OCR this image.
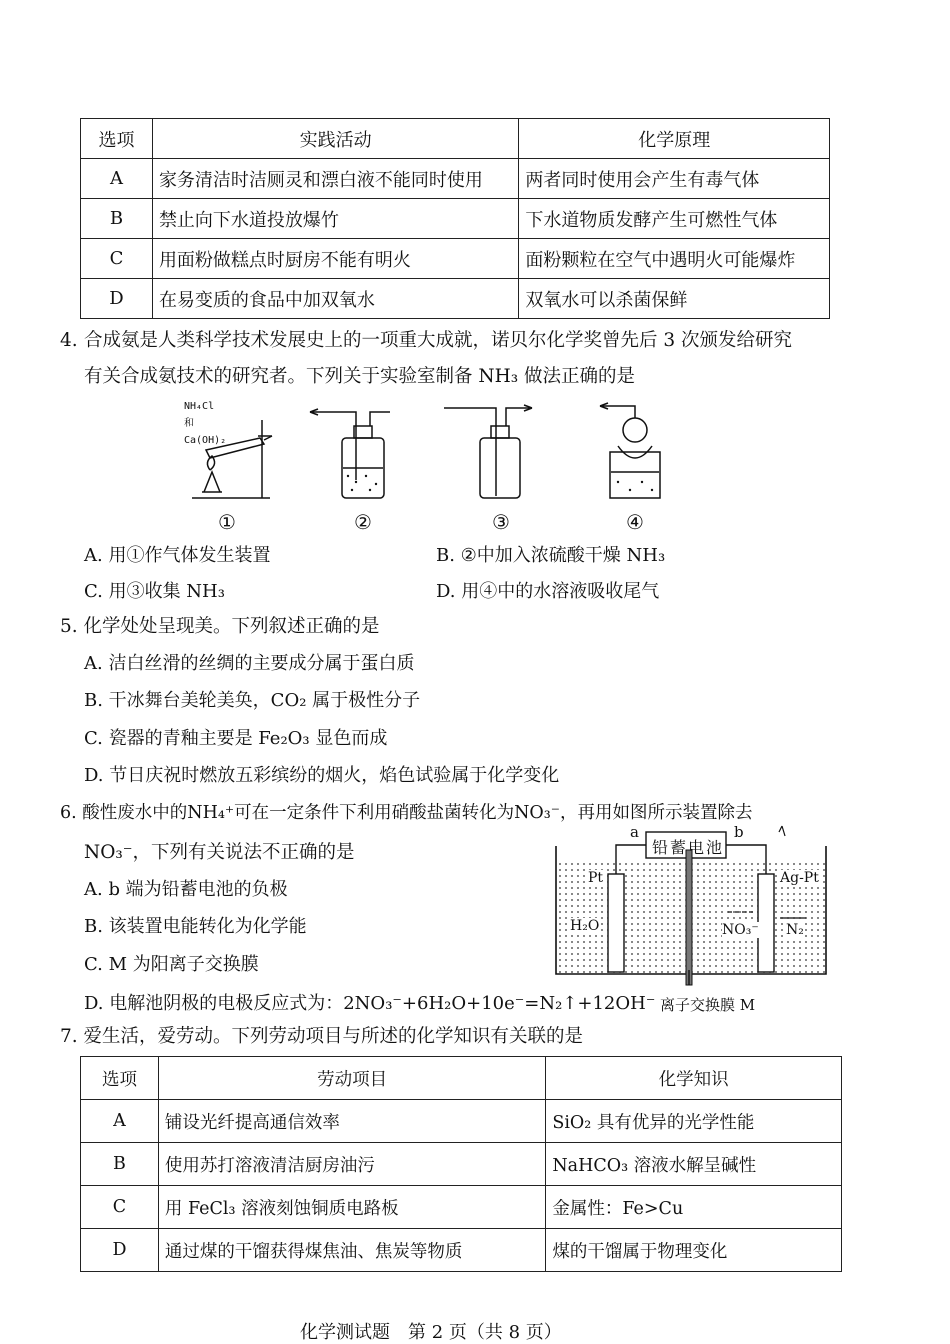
选项	实践活动	化学原理
A	家务清洁时洁厕灵和漂白液不能同时使用	两者同时使用会产生有毒气体
B	禁止向下水道投放爆竹	下水道物质发酵产生可燃性气体
C	用面粉做糕点时厨房不能有明火	面粉颗粒在空气中遇明火可能爆炸
D	在易变质的食品中加双氧水	双氧水可以杀菌保鲜
4. 合成氨是人类科学技术发展史上的一项重大成就，诺贝尔化学奖曾先后 3 次颁发给研究
有关合成氨技术的研究者。下列关于实验室制备 NH₃ 做法正确的是
NH₄Cl 和 Ca(OH)₂
①	②	③	④
A. 用①作气体发生装置	B. ②中加入浓硫酸干燥 NH₃
C. 用③收集 NH₃	D. 用④中的水溶液吸收尾气
5. 化学处处呈现美。下列叙述正确的是
A. 洁白丝滑的丝绸的主要成分属于蛋白质
B. 干冰舞台美轮美奂，CO₂ 属于极性分子
C. 瓷器的青釉主要是 Fe₂O₃ 显色而成
D. 节日庆祝时燃放五彩缤纷的烟火，焰色试验属于化学变化
6. 酸性废水中的NH₄⁺可在一定条件下利用硝酸盐菌转化为NO₃⁻，再用如图所示装置除去
NO₃⁻，下列有关说法不正确的是
A. b 端为铅蓄电池的负极
B. 该装置电能转化为化学能
C. M 为阳离子交换膜
D. 电解池阴极的电极反应式为：2NO₃⁻+6H₂O+10e⁻=N₂↑+12OH⁻
铅蓄电池
a	b
Pt	Ag-Pt
H₂O	NO₃⁻ N₂
离子交换膜 M
7. 爱生活，爱劳动。下列劳动项目与所述的化学知识有关联的是
选项	劳动项目	化学知识
A	铺设光纤提高通信效率	SiO₂ 具有优异的光学性能
B	使用苏打溶液清洁厨房油污	NaHCO₃ 溶液水解呈碱性
C	用 FeCl₃ 溶液刻蚀铜质电路板	金属性：Fe>Cu
D	通过煤的干馏获得煤焦油、焦炭等物质	煤的干馏属于物理变化
化学测试题　第 2 页（共 8 页）
